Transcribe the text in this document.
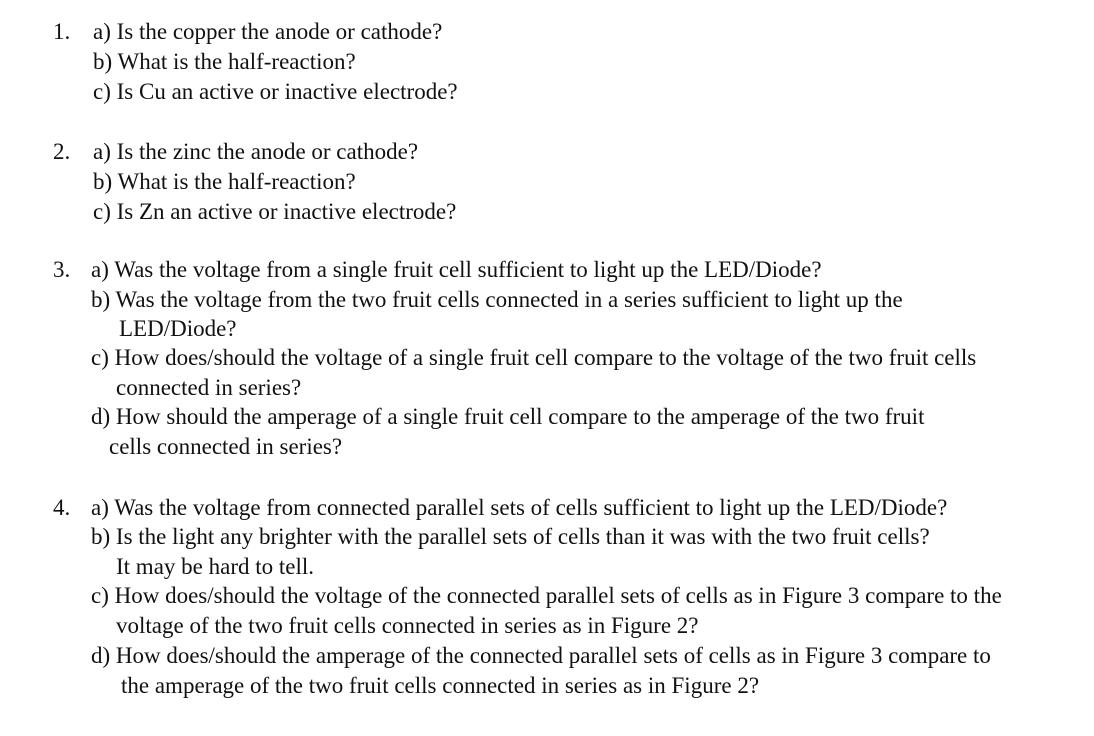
1. a) Is the copper the anode or cathode?
b) What is the half-reaction?
c) Is Cu an active or inactive electrode?
2. a) Is the zinc the anode or cathode?
b) What is the half-reaction?
c) Is Zn an active or inactive electrode?
3. a) Was the voltage from a single fruit cell sufficient to light up the LED/Diode?
b) Was the voltage from the two fruit cells connected in a series sufficient to light up the
LED/Diode?
c) How does/should the voltage of a single fruit cell compare to the voltage of the two fruit cells
connected in series?
d) How should the amperage of a single fruit cell compare to the amperage of the two fruit
cells connected in series?
4. a) Was the voltage from connected parallel sets of cells sufficient to light up the LED/Diode?
b) Is the light any brighter with the parallel sets of cells than it was with the two fruit cells?
It may be hard to tell.
c) How does/should the voltage of the connected parallel sets of cells as in Figure 3 compare to the
voltage of the two fruit cells connected in series as in Figure 2?
d) How does/should the amperage of the connected parallel sets of cells as in Figure 3 compare to
the amperage of the two fruit cells connected in series as in Figure 2?
